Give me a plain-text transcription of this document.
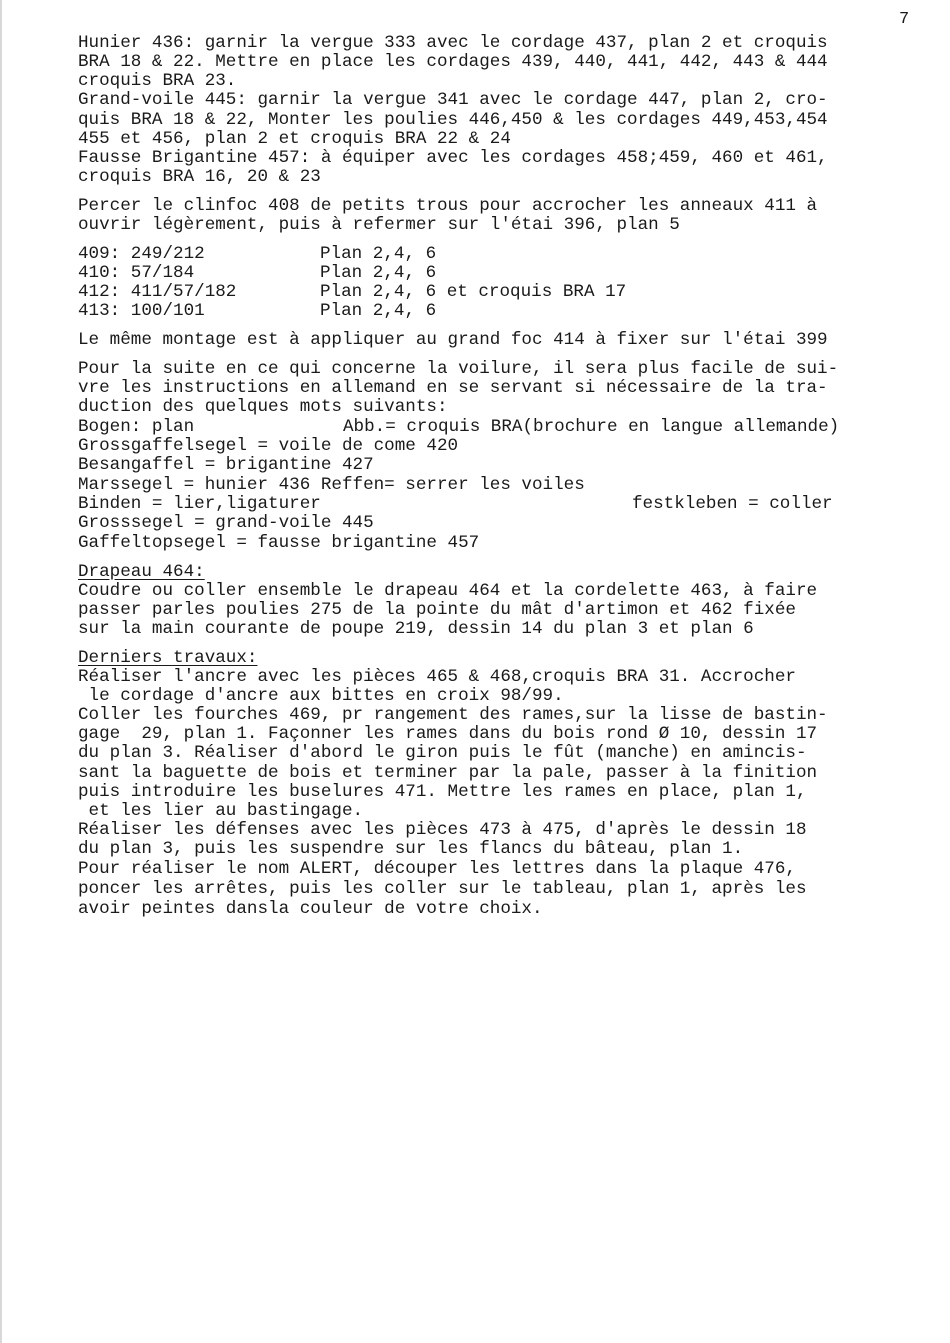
7
Hunier 436: garnir la vergue 333 avec le cordage 437, plan 2 et croquis
BRA 18 & 22. Mettre en place les cordages 439, 440, 441, 442, 443 & 444
croquis BRA 23.
Grand-voile 445: garnir la vergue 341 avec le cordage 447, plan 2, cro-
quis BRA 18 & 22, Monter les poulies 446,450 & les cordages 449,453,454
455 et 456, plan 2 et croquis BRA 22 & 24
Fausse Brigantine 457: à équiper avec les cordages 458;459, 460 et 461,
croquis BRA 16, 20 & 23
Percer le clinfoc 408 de petits trous pour accrocher les anneaux 411 à
ouvrir légèrement, puis à refermer sur l'étai 396, plan 5
409: 249/212	Plan 2,4, 6
410: 57/184	Plan 2,4, 6
412: 411/57/182	Plan 2,4, 6 et croquis BRA 17
413: 100/101	Plan 2,4, 6
Le même montage est à appliquer au grand foc 414 à fixer sur l'étai 399
Pour la suite en ce qui concerne la voilure, il sera plus facile de sui-
vre les instructions en allemand en se servant si nécessaire de la tra-
duction des quelques mots suivants:
Bogen: plan	Abb.= croquis BRA(brochure en langue allemande)
Grossgaffelsegel = voile de come 420
Besangaffel = brigantine 427
Marssegel = hunier 436 Reffen= serrer les voiles
Binden = lier,ligaturer	festkleben = coller
Grosssegel = grand-voile 445
Gaffeltopsegel = fausse brigantine 457
Drapeau 464:
Coudre ou coller ensemble le drapeau 464 et la cordelette 463, à faire
passer parles poulies 275 de la pointe du mât d'artimon et 462 fixée
sur la main courante de poupe 219, dessin 14 du plan 3 et plan 6
Derniers travaux:
Réaliser l'ancre avec les pièces 465 & 468,croquis BRA 31. Accrocher
le cordage d'ancre aux bittes en croix 98/99.
Coller les fourches 469, pr rangement des rames,sur la lisse de bastin-
gage  29, plan 1. Façonner les rames dans du bois rond Ø 10, dessin 17
du plan 3. Réaliser d'abord le giron puis le fût (manche) en amincis-
sant la baguette de bois et terminer par la pale, passer à la finition
puis introduire les buselures 471. Mettre les rames en place, plan 1,
et les lier au bastingage.
Réaliser les défenses avec les pièces 473 à 475, d'après le dessin 18
du plan 3, puis les suspendre sur les flancs du bâteau, plan 1.
Pour réaliser le nom ALERT, découper les lettres dans la plaque 476,
poncer les arrêtes, puis les coller sur le tableau, plan 1, après les
avoir peintes dansla couleur de votre choix.
